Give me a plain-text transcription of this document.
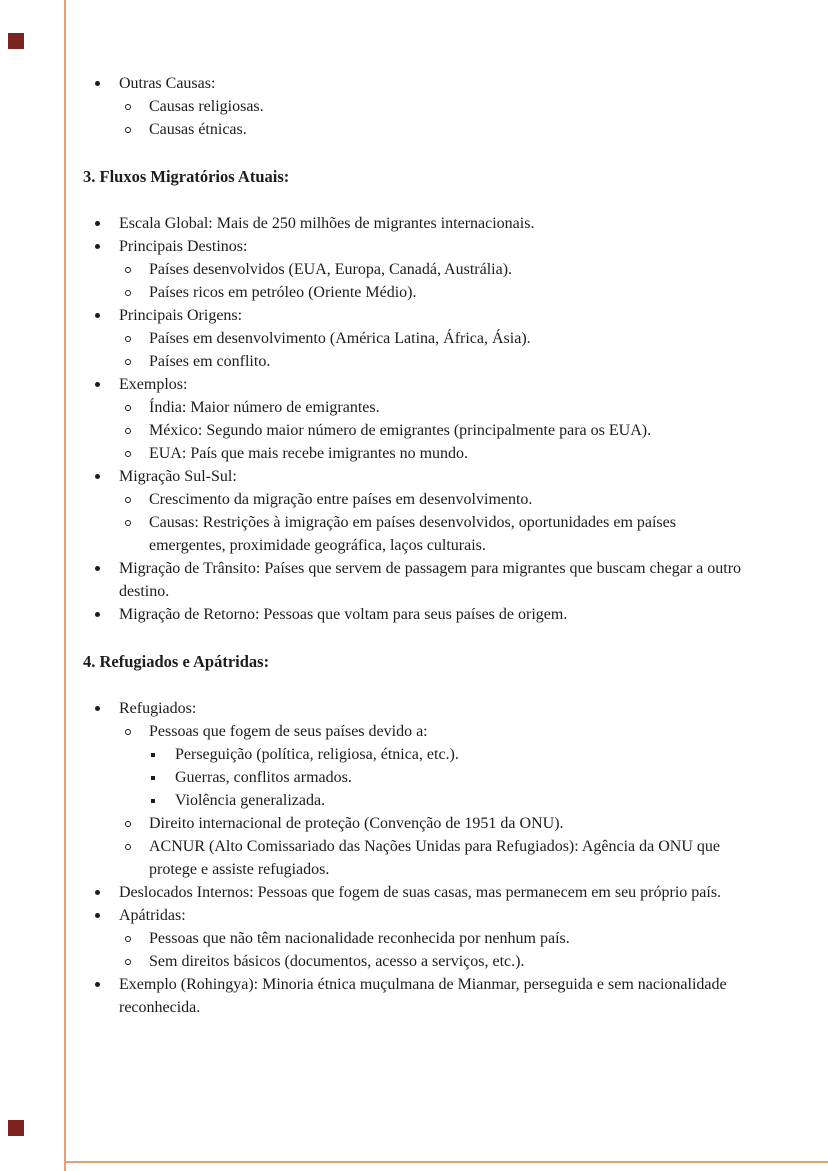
Outras Causas:
Causas religiosas.
Causas étnicas.
3. Fluxos Migratórios Atuais:
Escala Global: Mais de 250 milhões de migrantes internacionais.
Principais Destinos:
Países desenvolvidos (EUA, Europa, Canadá, Austrália).
Países ricos em petróleo (Oriente Médio).
Principais Origens:
Países em desenvolvimento (América Latina, África, Ásia).
Países em conflito.
Exemplos:
Índia: Maior número de emigrantes.
México: Segundo maior número de emigrantes (principalmente para os EUA).
EUA: País que mais recebe imigrantes no mundo.
Migração Sul-Sul:
Crescimento da migração entre países em desenvolvimento.
Causas: Restrições à imigração em países desenvolvidos, oportunidades em países emergentes, proximidade geográfica, laços culturais.
Migração de Trânsito: Países que servem de passagem para migrantes que buscam chegar a outro destino.
Migração de Retorno: Pessoas que voltam para seus países de origem.
4. Refugiados e Apátridas:
Refugiados:
Pessoas que fogem de seus países devido a:
Perseguição (política, religiosa, étnica, etc.).
Guerras, conflitos armados.
Violência generalizada.
Direito internacional de proteção (Convenção de 1951 da ONU).
ACNUR (Alto Comissariado das Nações Unidas para Refugiados): Agência da ONU que protege e assiste refugiados.
Deslocados Internos: Pessoas que fogem de suas casas, mas permanecem em seu próprio país.
Apátridas:
Pessoas que não têm nacionalidade reconhecida por nenhum país.
Sem direitos básicos (documentos, acesso a serviços, etc.).
Exemplo (Rohingya): Minoria étnica muçulmana de Mianmar, perseguida e sem nacionalidade reconhecida.
